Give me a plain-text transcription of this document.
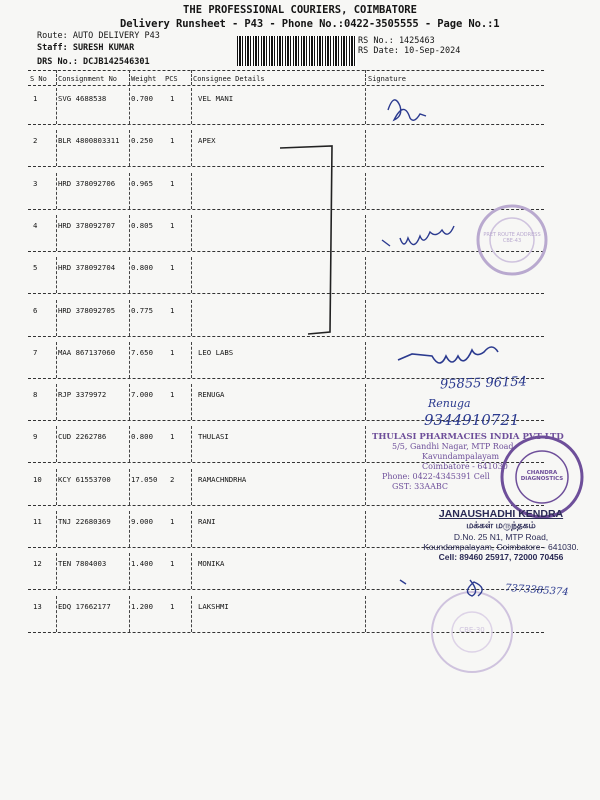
THE PROFESSIONAL COURIERS, COIMBATORE
Delivery Runsheet - P43 - Phone No.:0422-3505555 - Page No.:1
Route: AUTO DELIVERY P43
Staff: SURESH KUMAR
DRS No.: DCJB142546301
RS No.: 1425463
RS Date: 10-Sep-2024
S No Consignment No Weight PCS Consignee Details	Signature
1	SVG 4688538	0.700 1	VEL MANI
2	BLR 4800803311 0.250 1	APEX
3	HRD 378092706 0.965 1
4	HRD 378092707 0.805 1
5	HRD 378092704 0.800 1
6	HRD 378092705 0.775 1
7	MAA 867137060 7.650 1	LEO LABS
8	RJP 3379972	7.000 1	RENUGA
9	CUD 2262786	0.800 1	THULASI
10 KCY 61553700	17.050 2	RAMACHNDRHA
11 TNJ 22680369	9.000 1	RANI
12 TEN 7804003	1.400 1	MONIKA
13 EDQ 17662177	1.200 1	LAKSHMI
95855 96154
Renuga
9344910721
7373385374
THULASI PHARMACIES INDIA PVT LTD
5/5, Gandhi Nagar, MTP Road
Kavundampalayam
Coimbatore - 641030
Phone: 0422-4345391 Cell
GST: 33AABC
CHANDRA DIAGNOSTICS
PRET ROUTE ADDRESS CBE-43
CBE-30
JANAUSHADHI KENDRA
மக்கள் மருந்தகம்
D.No. 25 N1, MTP Road,
Koundampalayam, Coimbatore - 641030.
Cell: 89460 25917, 72000 70456
